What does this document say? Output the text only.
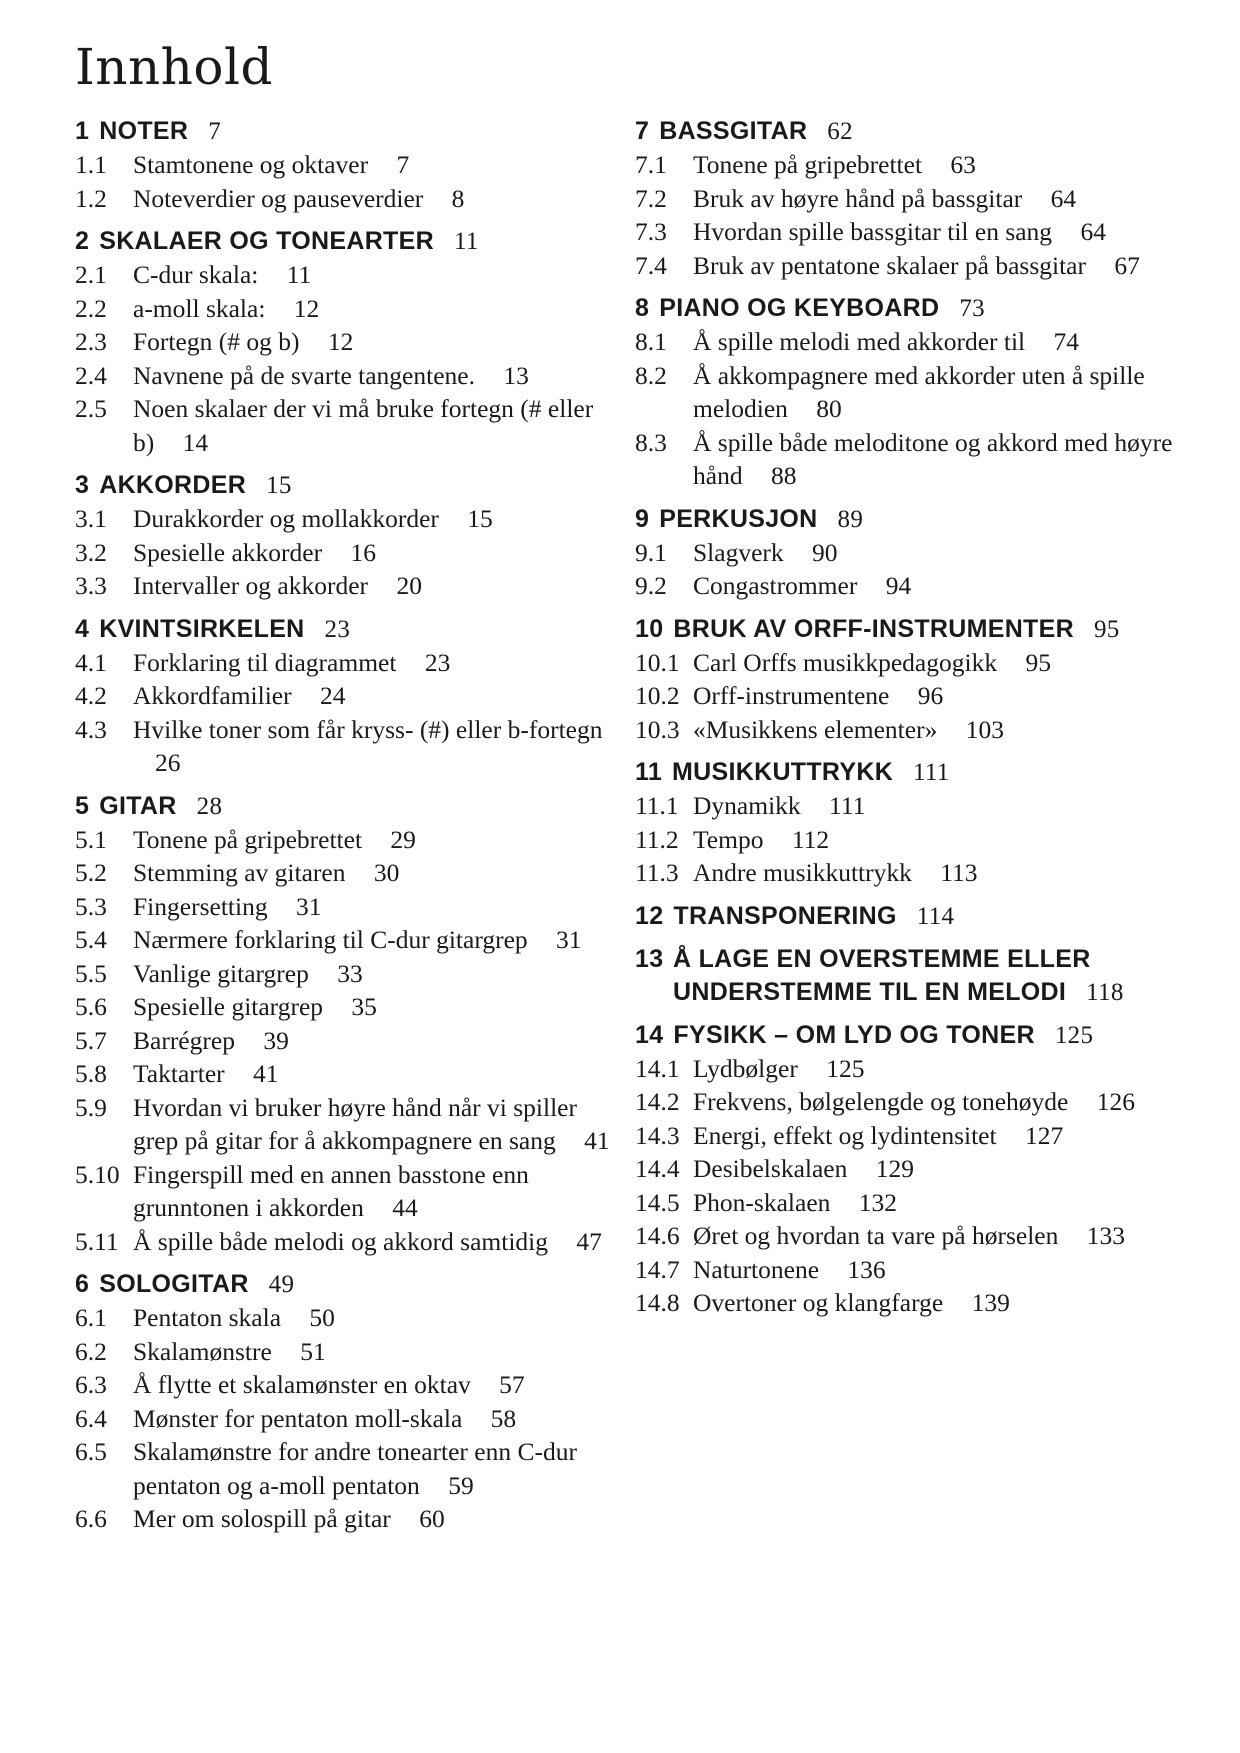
Innhold
1 NOTER 7
1.1	Stamtonene og oktaver 7
1.2	Noteverdier og pauseverdier 8
2 SKALAER OG TONEARTER 11
2.1	C-dur skala: 11
2.2	a-moll skala: 12
2.3	Fortegn (# og b) 12
2.4	Navnene på de svarte tangentene. 13
2.5	Noen skalaer der vi må bruke fortegn (# eller b) 14
3 AKKORDER 15
3.1	Durakkorder og mollakkorder 15
3.2	Spesielle akkorder 16
3.3	Intervaller og akkorder 20
4 KVINTSIRKELEN 23
4.1	Forklaring til diagrammet 23
4.2	Akkordfamilier 24
4.3	Hvilke toner som får kryss- (#) eller b-fortegn 26
5 GITAR 28
5.1	Tonene på gripebrettet 29
5.2	Stemming av gitaren 30
5.3	Fingersetting 31
5.4	Nærmere forklaring til C-dur gitargrep 31
5.5	Vanlige gitargrep 33
5.6	Spesielle gitargrep 35
5.7	Barrégrep 39
5.8	Taktarter 41
5.9	Hvordan vi bruker høyre hånd når vi spiller grep på gitar for å akkompagnere en sang 41
5.10 Fingerspill med en annen basstone enn grunntonen i akkorden 44
5.11 Å spille både melodi og akkord samtidig 47
6 SOLOGITAR 49
6.1	Pentaton skala 50
6.2	Skalamønstre 51
6.3	Å flytte et skalamønster en oktav 57
6.4	Mønster for pentaton moll-skala 58
6.5	Skalamønstre for andre tonearter enn C-dur pentaton og a-moll pentaton 59
6.6	Mer om solospill på gitar 60
7 BASSGITAR 62
7.1	Tonene på gripebrettet 63
7.2	Bruk av høyre hånd på bassgitar 64
7.3	Hvordan spille bassgitar til en sang 64
7.4	Bruk av pentatone skalaer på bassgitar 67
8 PIANO OG KEYBOARD 73
8.1	Å spille melodi med akkorder til 74
8.2	Å akkompagnere med akkorder uten å spille melodien 80
8.3	Å spille både meloditone og akkord med høyre hånd 88
9 PERKUSJON 89
9.1	Slagverk 90
9.2	Congastrommer 94
10 BRUK AV ORFF-INSTRUMENTER 95
10.1 Carl Orffs musikkpedagogikk 95
10.2 Orff-instrumentene 96
10.3 «Musikkens elementer» 103
11 MUSIKKUTTRYKK 111
11.1 Dynamikk 111
11.2 Tempo 112
11.3 Andre musikkuttrykk 113
12 TRANSPONERING 114
13 Å LAGE EN OVERSTEMME ELLER UNDERSTEMME TIL EN MELODI 118
14 FYSIKK – OM LYD OG TONER 125
14.1 Lydbølger 125
14.2 Frekvens, bølgelengde og tonehøyde 126
14.3 Energi, effekt og lydintensitet 127
14.4 Desibelskalaen 129
14.5 Phon-skalaen 132
14.6 Øret og hvordan ta vare på hørselen 133
14.7 Naturtonene 136
14.8 Overtoner og klangfarge 139
